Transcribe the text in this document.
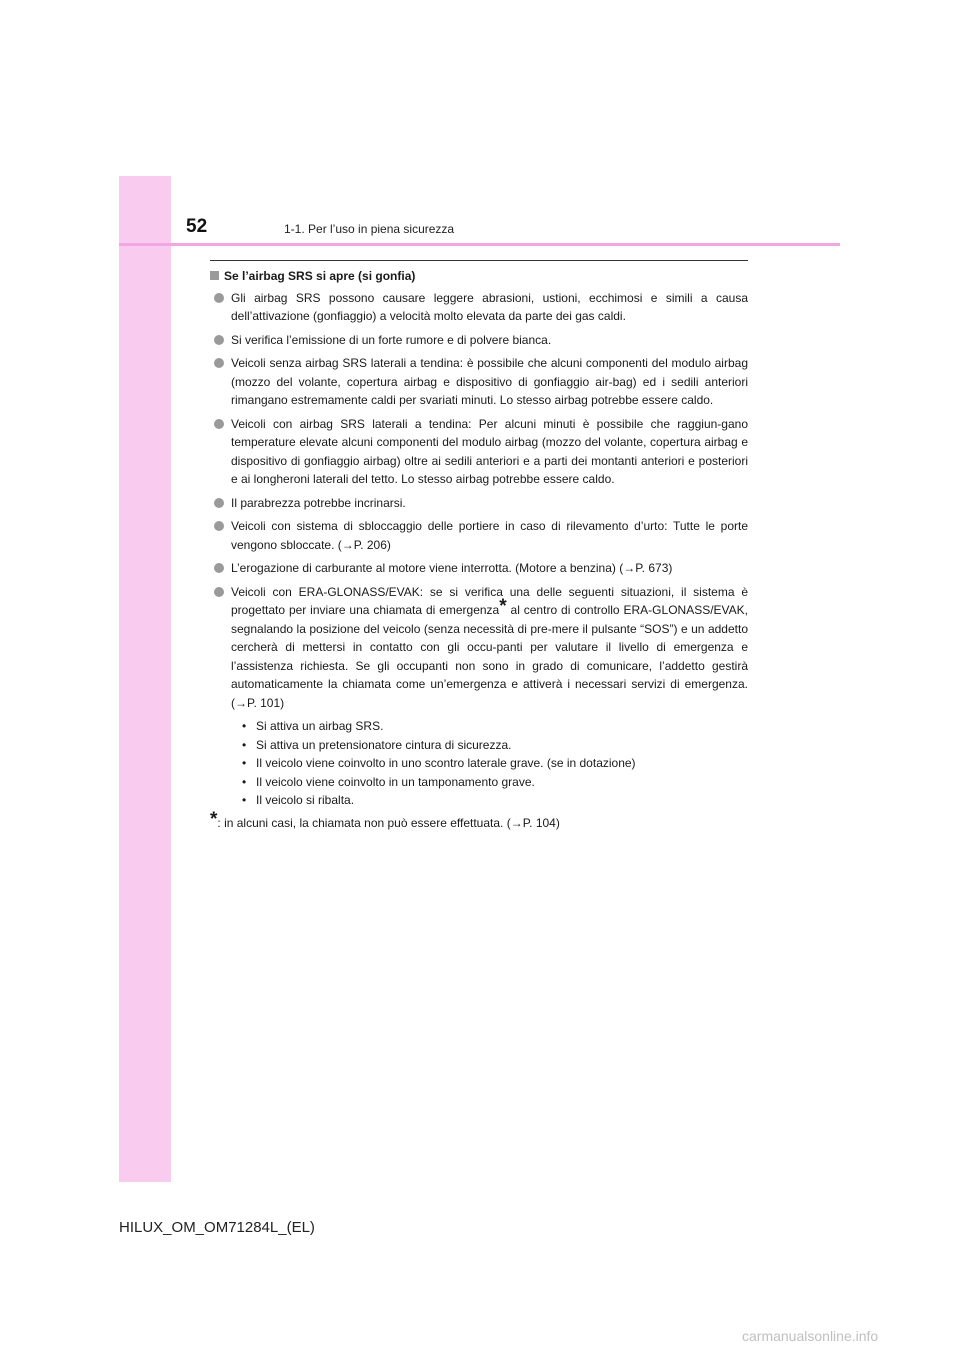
52	1-1. Per l’uso in piena sicurezza
Se l’airbag SRS si apre (si gonfia)
Gli airbag SRS possono causare leggere abrasioni, ustioni, ecchimosi e simili a causa dell’attivazione (gonfiaggio) a velocità molto elevata da parte dei gas caldi.
Si verifica l’emissione di un forte rumore e di polvere bianca.
Veicoli senza airbag SRS laterali a tendina: è possibile che alcuni componenti del modulo airbag (mozzo del volante, copertura airbag e dispositivo di gonfiaggio air-bag) ed i sedili anteriori rimangano estremamente caldi per svariati minuti. Lo stesso airbag potrebbe essere caldo.
Veicoli con airbag SRS laterali a tendina: Per alcuni minuti è possibile che raggiun-gano temperature elevate alcuni componenti del modulo airbag (mozzo del volante, copertura airbag e dispositivo di gonfiaggio airbag) oltre ai sedili anteriori e a parti dei montanti anteriori e posteriori e ai longheroni laterali del tetto. Lo stesso airbag potrebbe essere caldo.
Il parabrezza potrebbe incrinarsi.
Veicoli con sistema di sbloccaggio delle portiere in caso di rilevamento d’urto: Tutte le porte vengono sbloccate. (→P. 206)
L’erogazione di carburante al motore viene interrotta. (Motore a benzina) (→P. 673)
Veicoli con ERA-GLONASS/EVAK: se si verifica una delle seguenti situazioni, il sistema è progettato per inviare una chiamata di emergenza* al centro di controllo ERA-GLONASS/EVAK, segnalando la posizione del veicolo (senza necessità di pre-mere il pulsante “SOS”) e un addetto cercherà di mettersi in contatto con gli occu-panti per valutare il livello di emergenza e l’assistenza richiesta. Se gli occupanti non sono in grado di comunicare, l’addetto gestirà automaticamente la chiamata come un’emergenza e attiverà i necessari servizi di emergenza. (→P. 101)
• Si attiva un airbag SRS.
• Si attiva un pretensionatore cintura di sicurezza.
• Il veicolo viene coinvolto in uno scontro laterale grave. (se in dotazione)
• Il veicolo viene coinvolto in un tamponamento grave.
• Il veicolo si ribalta.
*: in alcuni casi, la chiamata non può essere effettuata. (→P. 104)
HILUX_OM_OM71284L_(EL)
carmanualsonline.info
